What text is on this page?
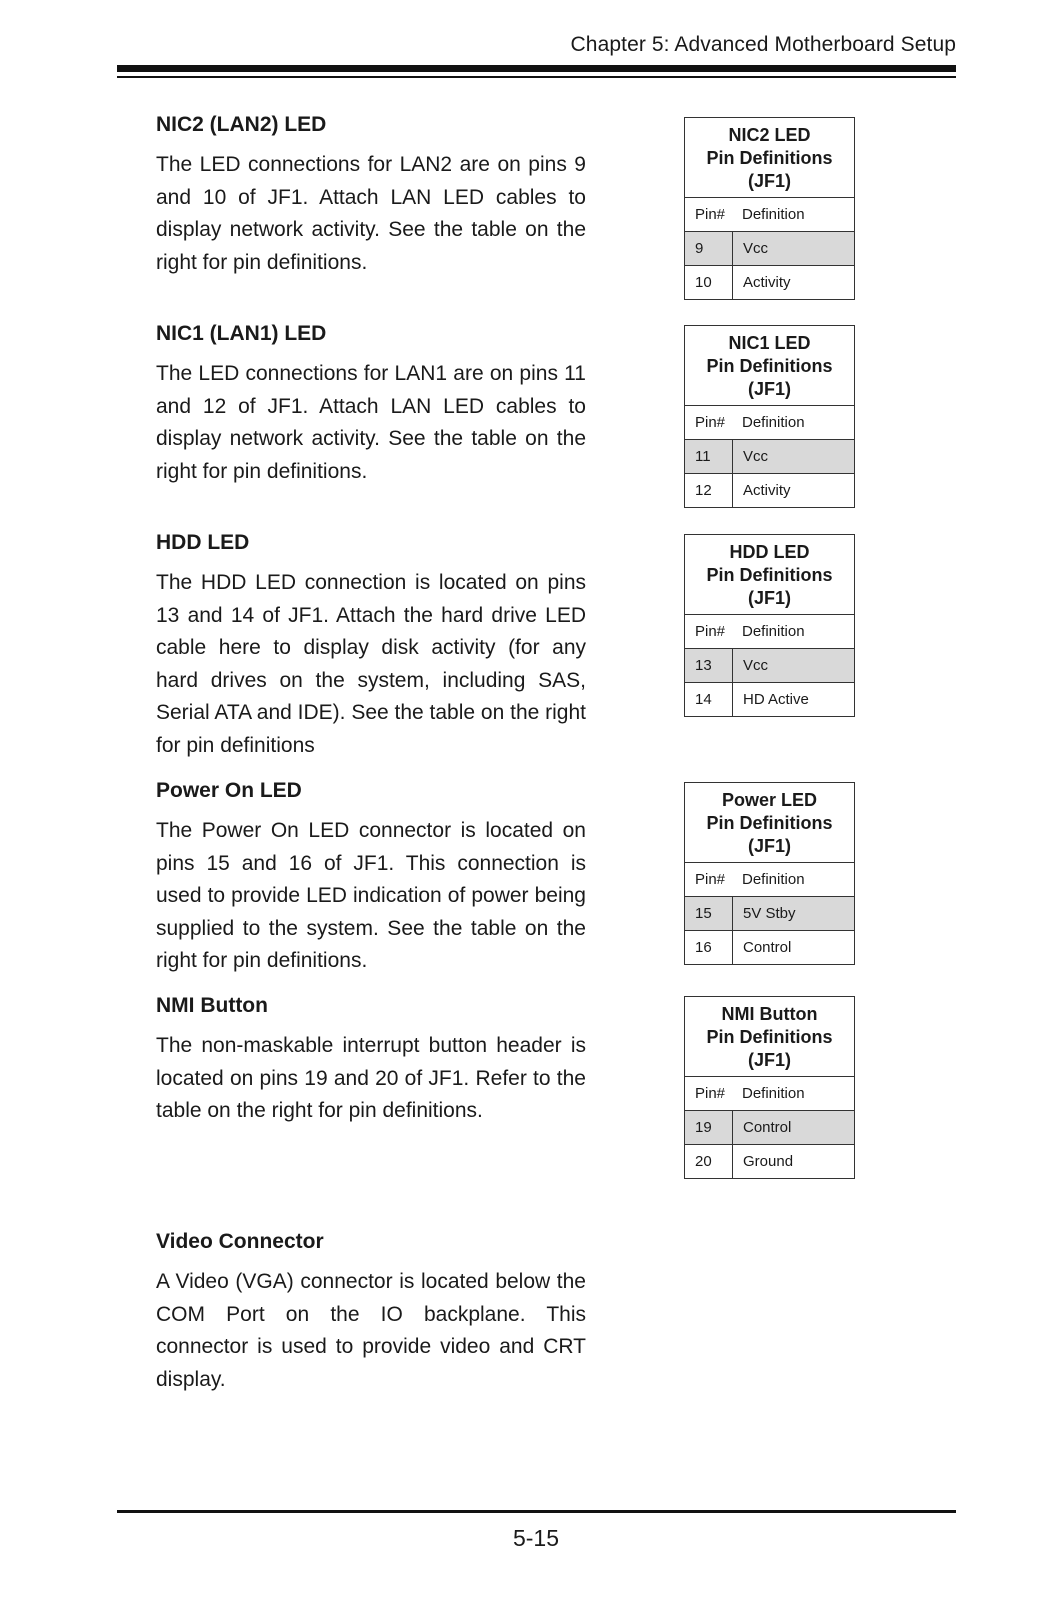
Chapter 5: Advanced Motherboard Setup
NIC2 (LAN2) LED

The LED connections for LAN2 are on pins 9 and 10 of JF1. Attach LAN LED cables to display network activity. See the table on the right for pin definitions.

NIC1 (LAN1) LED

The LED connections for LAN1 are on pins 11 and 12 of JF1. Attach LAN LED cables to display network activity. See the table on the right for pin definitions.

HDD LED

The HDD LED connection is located on pins 13 and 14 of JF1. Attach the hard drive LED cable here to display disk activity (for any hard drives on the system, including SAS, Serial ATA and IDE). See the table on the right for pin definitions

Power On LED

The Power On LED connector is located on pins 15 and 16 of JF1. This connection is used to provide LED indication of power being supplied to the system. See the table on the right for pin definitions.

NMI Button

The non-maskable interrupt button header is located on pins 19 and 20 of JF1. Refer to the table on the right for pin definitions.

Video Connector

A Video (VGA) connector is located below the COM Port on the IO backplane. This connector is used to provide video and CRT display.

NIC2 LED
Pin Definitions
(JF1)
Pin#	Definition
9	Vcc
10	Activity
NIC1 LED
Pin Definitions
(JF1)
Pin#	Definition
11	Vcc
12	Activity
HDD LED
Pin Definitions
(JF1)
Pin#	Definition
13	Vcc
14	HD Active
Power LED
Pin Definitions
(JF1)
Pin#	Definition
15	5V Stby
16	Control
NMI Button
Pin Definitions
(JF1)
Pin#	Definition
19	Control
20	Ground
5-15
